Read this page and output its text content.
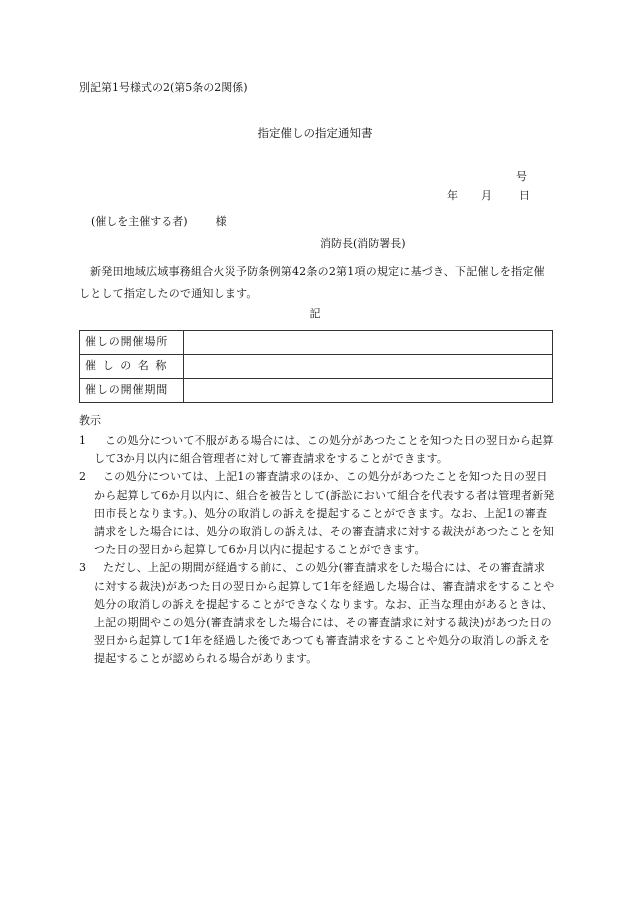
別記第1号様式の2(第5条の2関係)
指定催しの指定通知書
号
年 月 日
(催しを主催する者)	様
消防長(消防署長)
新発田地域広域事務組合火災予防条例第42条の2第1項の規定に基づき、下記催しを指定催しとして指定したので通知します。
記
催しの開催場所	
催しの名称	
催しの開催期間	
教示
1	この処分について不服がある場合には、この処分があつたことを知つた日の翌日から起算して3か月以内に組合管理者に対して審査請求をすることができます。
2	この処分については、上記1の審査請求のほか、この処分があつたことを知つた日の翌日から起算して6か月以内に、組合を被告として(訴訟において組合を代表する者は管理者新発田市長となります。)、処分の取消しの訴えを提起することができます。なお、上記1の審査請求をした場合には、処分の取消しの訴えは、その審査請求に対する裁決があつたことを知つた日の翌日から起算して6か月以内に提起することができます。
3	ただし、上記の期間が経過する前に、この処分(審査請求をした場合には、その審査請求に対する裁決)があつた日の翌日から起算して1年を経過した場合は、審査請求をすることや処分の取消しの訴えを提起することができなくなります。なお、正当な理由があるときは、上記の期間やこの処分(審査請求をした場合には、その審査請求に対する裁決)があつた日の翌日から起算して1年を経過した後であつても審査請求をすることや処分の取消しの訴えを提起することが認められる場合があります。
